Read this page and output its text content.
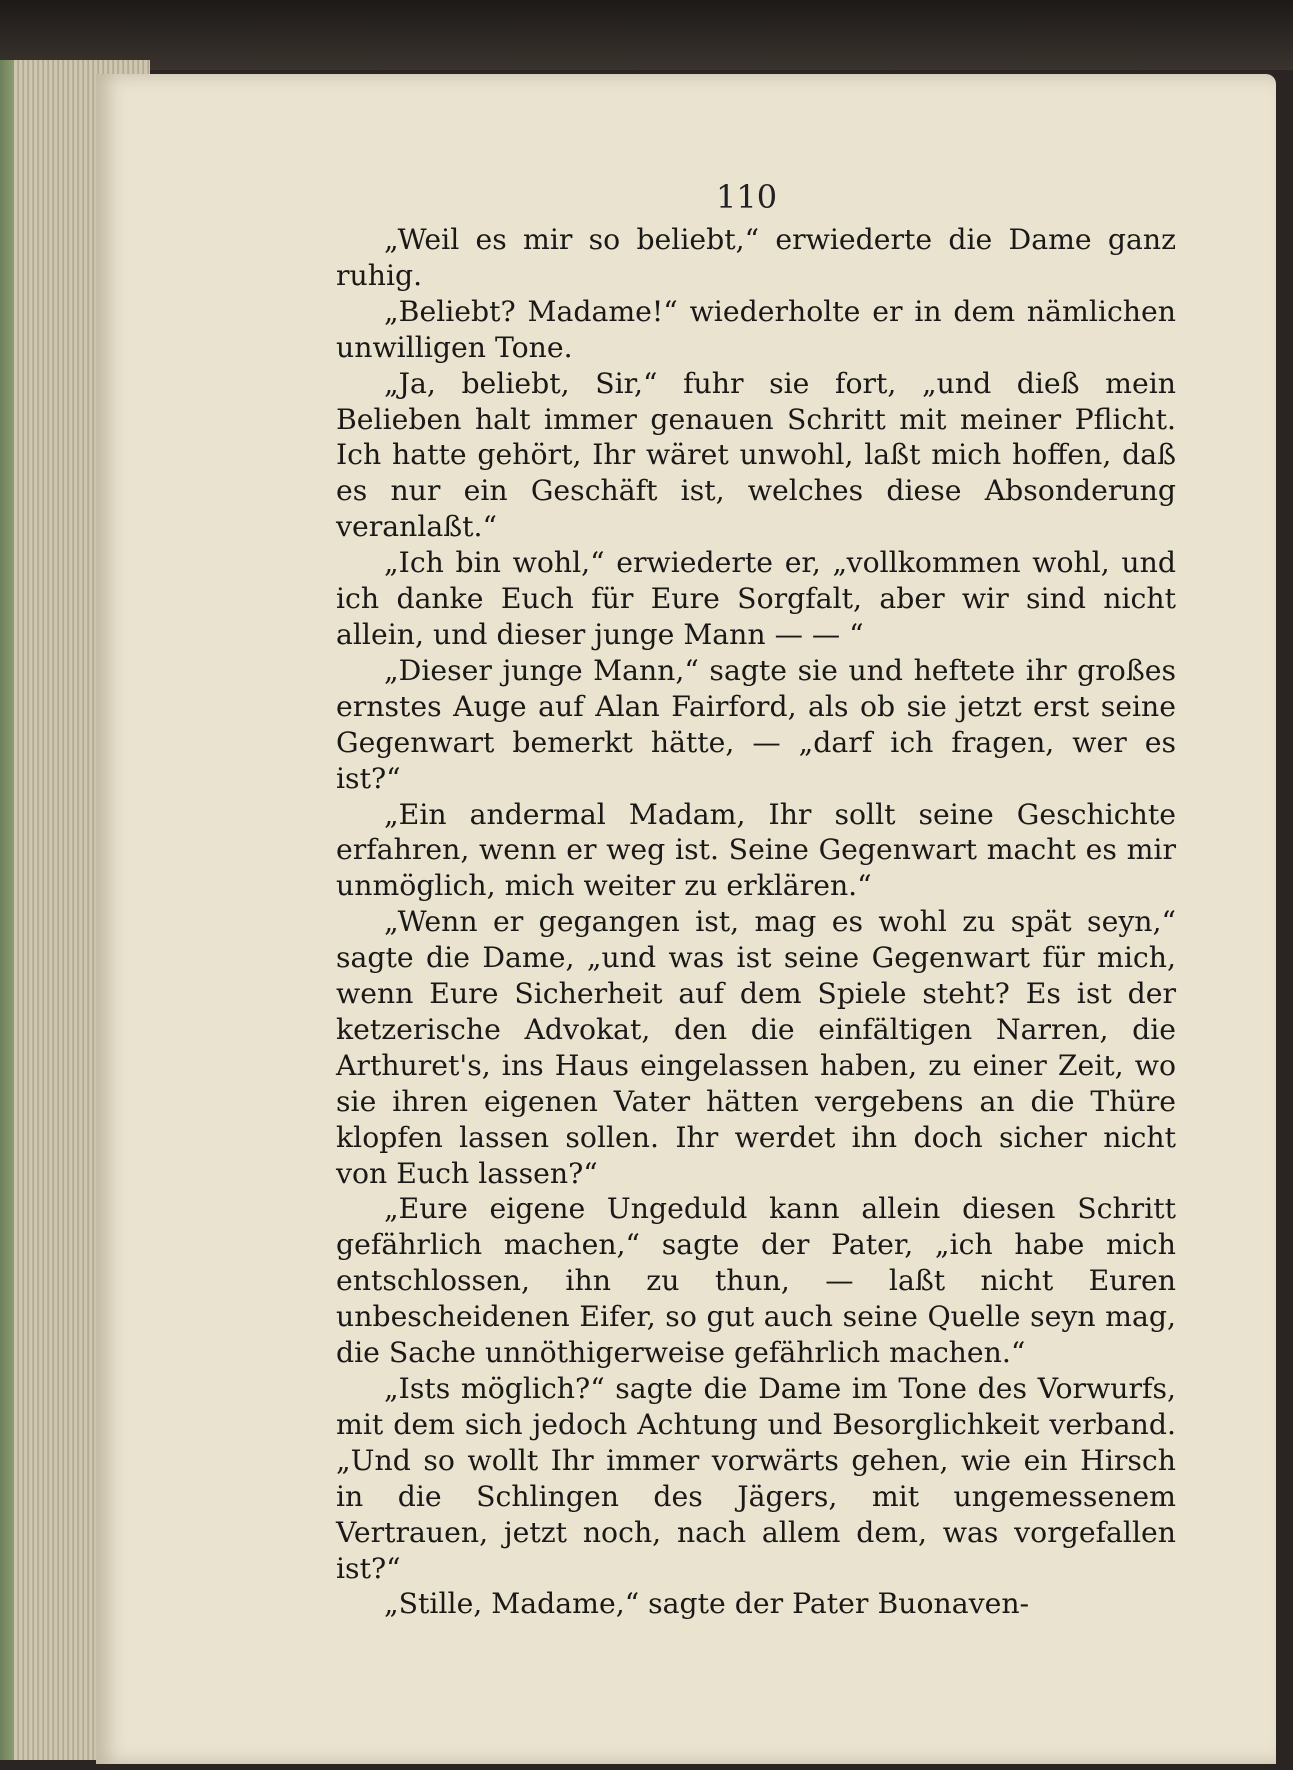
110

„Weil es mir so beliebt,“ erwiederte die Dame ganz ruhig.

„Beliebt? Madame!“ wiederholte er in dem nämlichen unwilligen Tone.

„Ja, beliebt, Sir,“ fuhr sie fort, „und dieß mein Belieben halt immer genauen Schritt mit meiner Pflicht. Ich hatte gehört, Ihr wäret unwohl, laßt mich hoffen, daß es nur ein Geschäft ist, welches diese Absonderung veranlaßt.“

„Ich bin wohl,“ erwiederte er, „vollkommen wohl, und ich danke Euch für Eure Sorgfalt, aber wir sind nicht allein, und dieser junge Mann — — “

„Dieser junge Mann,“ sagte sie und heftete ihr großes ernstes Auge auf Alan Fairford, als ob sie jetzt erst seine Gegenwart bemerkt hätte, — „darf ich fragen, wer es ist?“

„Ein andermal Madam, Ihr sollt seine Geschichte erfahren, wenn er weg ist. Seine Gegenwart macht es mir unmöglich, mich weiter zu erklären.“

„Wenn er gegangen ist, mag es wohl zu spät seyn,“ sagte die Dame, „und was ist seine Gegenwart für mich, wenn Eure Sicherheit auf dem Spiele steht? Es ist der ketzerische Advokat, den die einfältigen Narren, die Arthuret's, ins Haus eingelassen haben, zu einer Zeit, wo sie ihren eigenen Vater hätten vergebens an die Thüre klopfen lassen sollen. Ihr werdet ihn doch sicher nicht von Euch lassen?“

„Eure eigene Ungeduld kann allein diesen Schritt gefährlich machen,“ sagte der Pater, „ich habe mich entschlossen, ihn zu thun, — laßt nicht Euren unbescheidenen Eifer, so gut auch seine Quelle seyn mag, die Sache unnöthigerweise gefährlich machen.“

„Ists möglich?“ sagte die Dame im Tone des Vorwurfs, mit dem sich jedoch Achtung und Besorglichkeit verband. „Und so wollt Ihr immer vorwärts gehen, wie ein Hirsch in die Schlingen des Jägers, mit ungemessenem Vertrauen, jetzt noch, nach allem dem, was vorgefallen ist?“

„Stille, Madame,“ sagte der Pater Buonaven-
